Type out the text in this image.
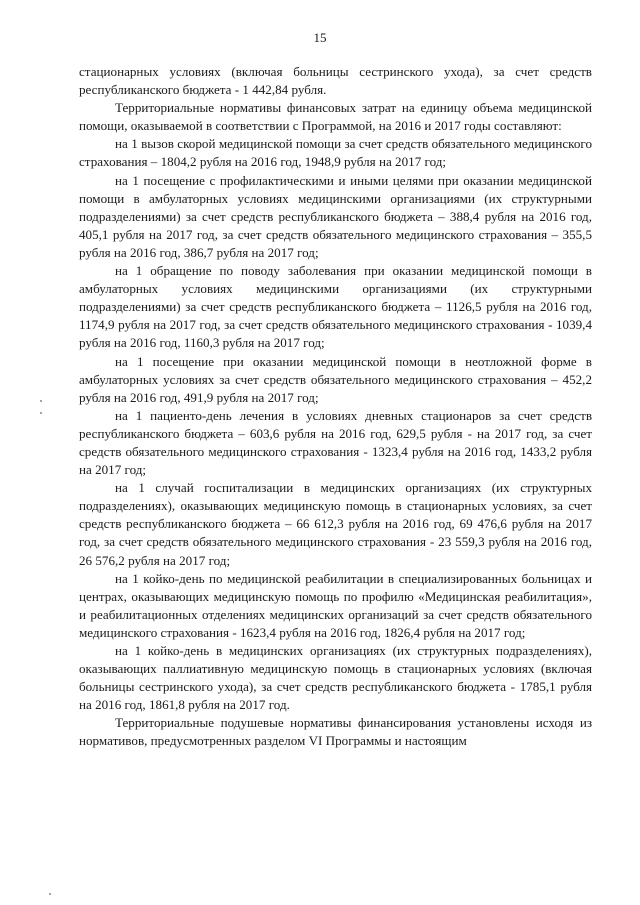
15

стационарных условиях (включая больницы сестринского ухода), за счет средств республиканского бюджета - 1 442,84 рубля.

Территориальные нормативы финансовых затрат на единицу объема медицинской помощи, оказываемой в соответствии с Программой, на 2016 и 2017 годы составляют:

на 1 вызов скорой медицинской помощи за счет средств обязательного медицинского страхования – 1804,2 рубля на 2016 год, 1948,9 рубля на 2017 год;

на 1 посещение с профилактическими и иными целями при оказании медицинской помощи в амбулаторных условиях медицинскими организациями (их структурными подразделениями) за счет средств республиканского бюджета – 388,4 рубля на 2016 год, 405,1 рубля на 2017 год, за счет средств обязательного медицинского страхования – 355,5 рубля на 2016 год, 386,7 рубля на 2017 год;

на 1 обращение по поводу заболевания при оказании медицинской помощи в амбулаторных условиях медицинскими организациями (их структурными подразделениями) за счет средств республиканского бюджета – 1126,5 рубля на 2016 год, 1174,9 рубля на 2017 год, за счет средств обязательного медицинского страхования - 1039,4 рубля на 2016 год, 1160,3 рубля на 2017 год;

на 1 посещение при оказании медицинской помощи в неотложной форме в амбулаторных условиях за счет средств обязательного медицинского страхования – 452,2 рубля на 2016 год, 491,9 рубля на 2017 год;

на 1 пациенто-день лечения в условиях дневных стационаров за счет средств республиканского бюджета – 603,6 рубля на 2016 год, 629,5 рубля - на 2017 год, за счет средств обязательного медицинского страхования - 1323,4 рубля на 2016 год, 1433,2 рубля на 2017 год;

на 1 случай госпитализации в медицинских организациях (их структурных подразделениях), оказывающих медицинскую помощь в стационарных условиях, за счет средств республиканского бюджета – 66 612,3 рубля на 2016 год, 69 476,6 рубля на 2017 год, за счет средств обязательного медицинского страхования - 23 559,3 рубля на 2016 год, 26 576,2 рубля на 2017 год;

на 1 койко-день по медицинской реабилитации в специализированных больницах и центрах, оказывающих медицинскую помощь по профилю «Медицинская реабилитация», и реабилитационных отделениях медицинских организаций за счет средств обязательного медицинского страхования - 1623,4 рубля на 2016 год, 1826,4 рубля на 2017 год;

на 1 койко-день в медицинских организациях (их структурных подразделениях), оказывающих паллиативную медицинскую помощь в стационарных условиях (включая больницы сестринского ухода), за счет средств республиканского бюджета - 1785,1 рубля на 2016 год, 1861,8 рубля на 2017 год.

Территориальные подушевые нормативы финансирования установлены исходя из нормативов, предусмотренных разделом VI Программы и настоящим
